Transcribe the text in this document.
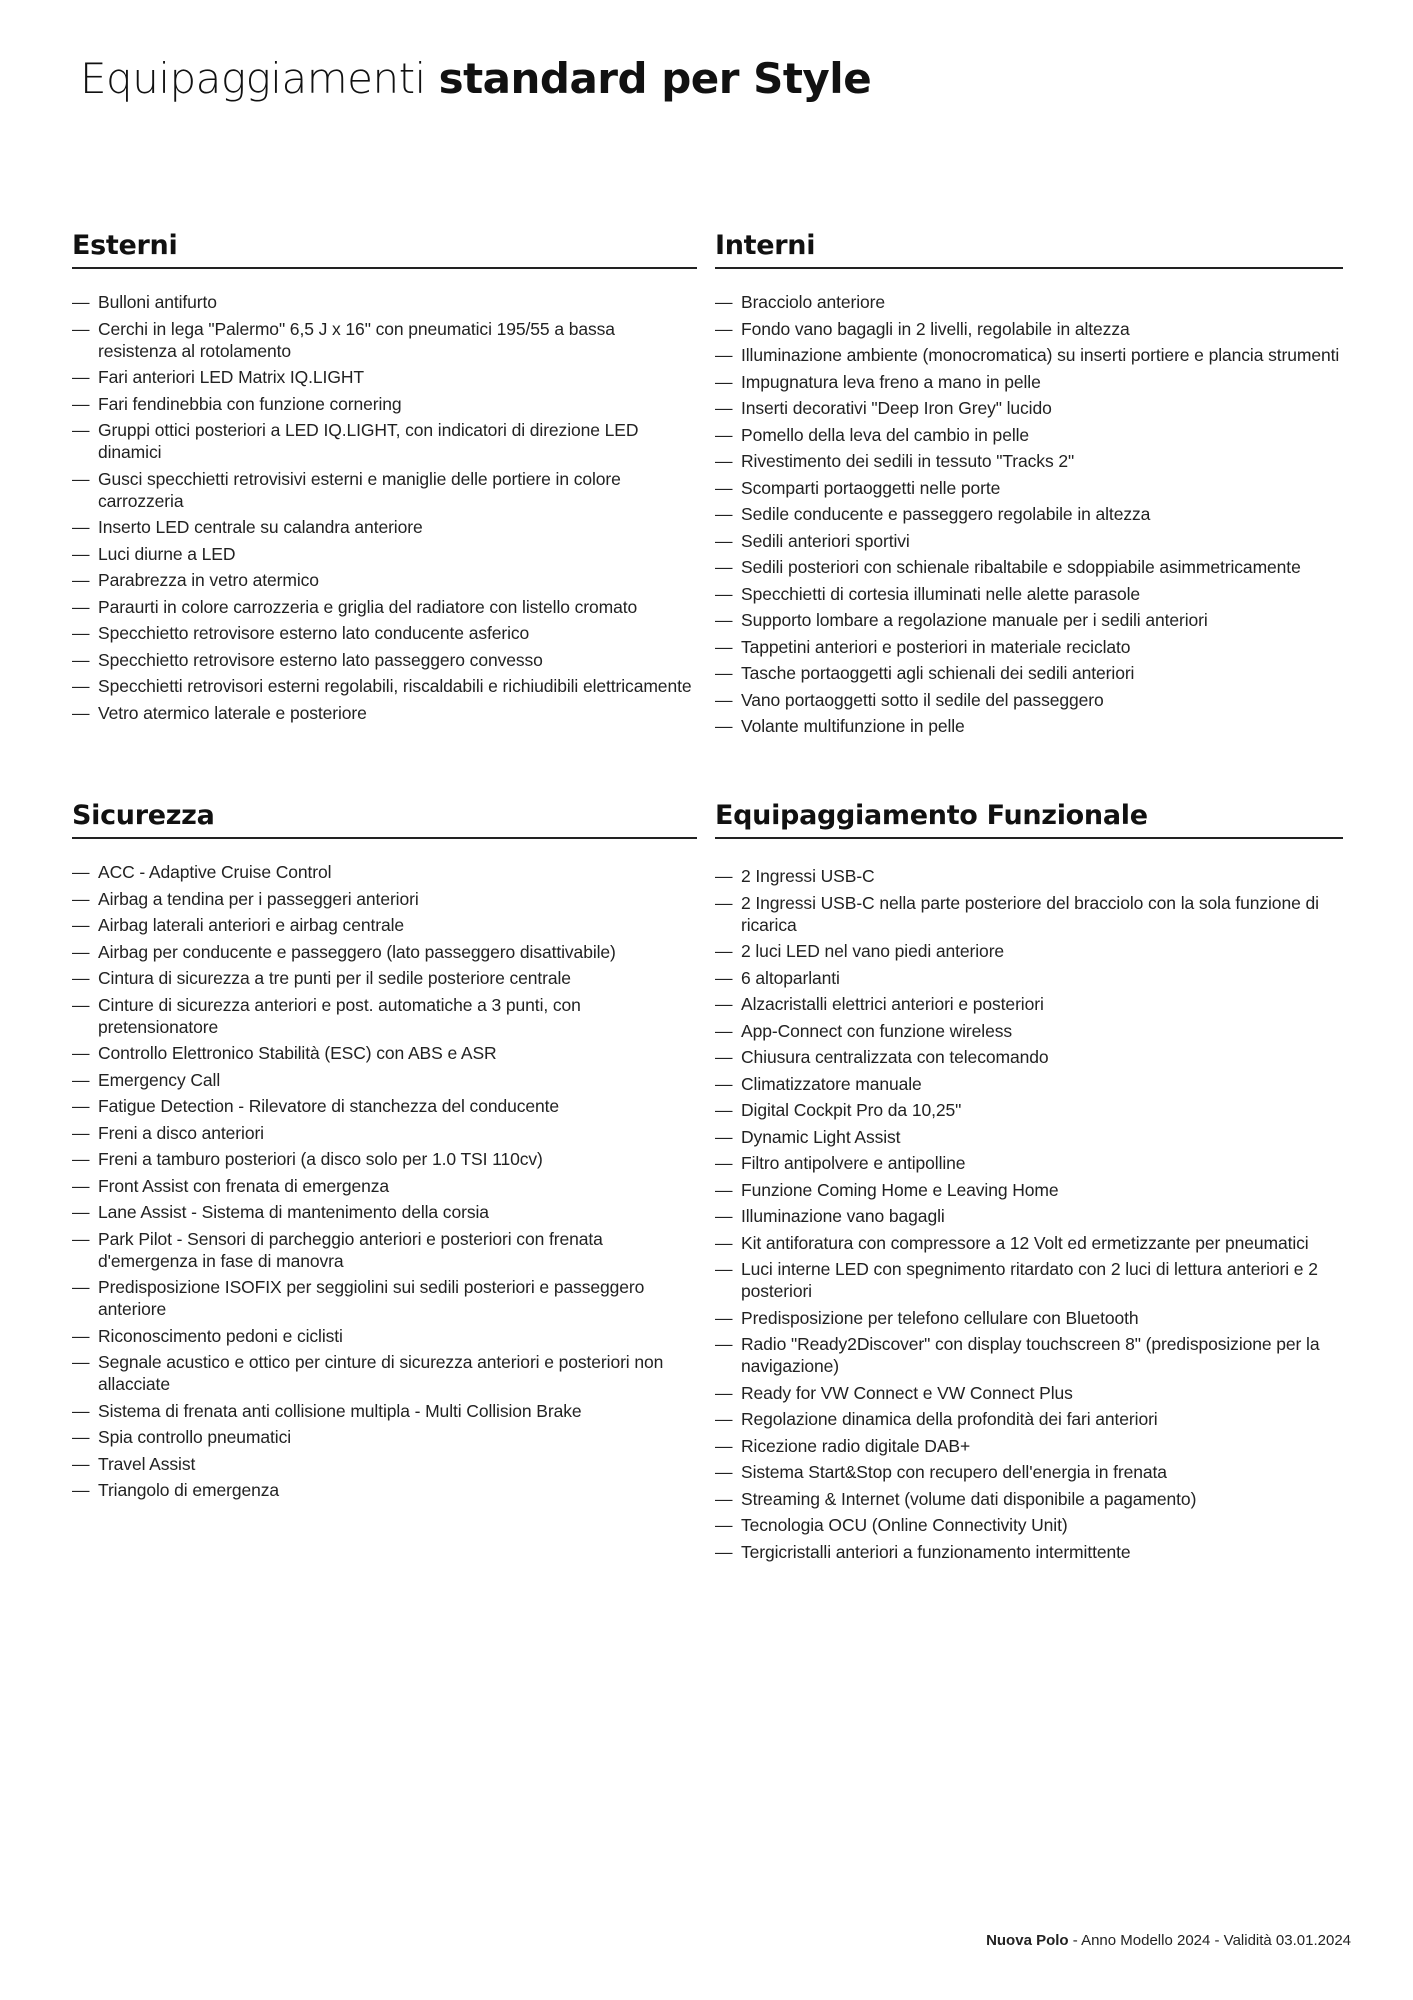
Equipaggiamenti standard per Style
Esterni
— Bulloni antifurto
— Cerchi in lega "Palermo" 6,5 J x 16" con pneumatici 195/55 a bassa resistenza al rotolamento
— Fari anteriori LED Matrix IQ.LIGHT
— Fari fendinebbia con funzione cornering
— Gruppi ottici posteriori a LED IQ.LIGHT, con indicatori di direzione LED dinamici
— Gusci specchietti retrovisivi esterni e maniglie delle portiere in colore carrozzeria
— Inserto LED centrale su calandra anteriore
— Luci diurne a LED
— Parabrezza in vetro atermico
— Paraurti in colore carrozzeria e griglia del radiatore con listello cromato
— Specchietto retrovisore esterno lato conducente asferico
— Specchietto retrovisore esterno lato passeggero convesso
— Specchietti retrovisori esterni regolabili, riscaldabili e richiudibili elettricamente
— Vetro atermico laterale e posteriore
Interni
— Bracciolo anteriore
— Fondo vano bagagli in 2 livelli, regolabile in altezza
— Illuminazione ambiente (monocromatica) su inserti portiere e plancia strumenti
— Impugnatura leva freno a mano in pelle
— Inserti decorativi "Deep Iron Grey" lucido
— Pomello della leva del cambio in pelle
— Rivestimento dei sedili in tessuto "Tracks 2"
— Scomparti portaoggetti nelle porte
— Sedile conducente e passeggero regolabile in altezza
— Sedili anteriori sportivi
— Sedili posteriori con schienale ribaltabile e sdoppiabile asimmetricamente
— Specchietti di cortesia illuminati nelle alette parasole
— Supporto lombare a regolazione manuale per i sedili anteriori
— Tappetini anteriori e posteriori in materiale reciclato
— Tasche portaoggetti agli schienali dei sedili anteriori
— Vano portaoggetti sotto il sedile del passeggero
— Volante multifunzione in pelle
Sicurezza
— ACC - Adaptive Cruise Control
— Airbag a tendina per i passeggeri anteriori
— Airbag laterali anteriori e airbag centrale
— Airbag per conducente e passeggero (lato passeggero disattivabile)
— Cintura di sicurezza a tre punti per il sedile posteriore centrale
— Cinture di sicurezza anteriori e post. automatiche a 3 punti, con pretensionatore
— Controllo Elettronico Stabilità (ESC) con ABS e ASR
— Emergency Call
— Fatigue Detection - Rilevatore di stanchezza del conducente
— Freni a disco anteriori
— Freni a tamburo posteriori (a disco solo per 1.0 TSI 110cv)
— Front Assist con frenata di emergenza
— Lane Assist - Sistema di mantenimento della corsia
— Park Pilot - Sensori di parcheggio anteriori e posteriori con frenata d'emergenza in fase di manovra
— Predisposizione ISOFIX per seggiolini sui sedili posteriori e passeggero anteriore
— Riconoscimento pedoni e ciclisti
— Segnale acustico e ottico per cinture di sicurezza anteriori e posteriori non allacciate
— Sistema di frenata anti collisione multipla - Multi Collision Brake
— Spia controllo pneumatici
— Travel Assist
— Triangolo di emergenza
Equipaggiamento Funzionale
— 2 Ingressi USB-C
— 2 Ingressi USB-C nella parte posteriore del bracciolo con la sola funzione di ricarica
— 2 luci LED nel vano piedi anteriore
— 6 altoparlanti
— Alzacristalli elettrici anteriori e posteriori
— App-Connect con funzione wireless
— Chiusura centralizzata con telecomando
— Climatizzatore manuale
— Digital Cockpit Pro da 10,25"
— Dynamic Light Assist
— Filtro antipolvere e antipolline
— Funzione Coming Home e Leaving Home
— Illuminazione vano bagagli
— Kit antiforatura con compressore a 12 Volt ed ermetizzante per pneumatici
— Luci interne LED con spegnimento ritardato con 2 luci di lettura anteriori e 2 posteriori
— Predisposizione per telefono cellulare con Bluetooth
— Radio "Ready2Discover" con display touchscreen 8" (predisposizione per la navigazione)
— Ready for VW Connect e VW Connect Plus
— Regolazione dinamica della profondità dei fari anteriori
— Ricezione radio digitale DAB+
— Sistema Start&Stop con recupero dell'energia in frenata
— Streaming & Internet (volume dati disponibile a pagamento)
— Tecnologia OCU (Online Connectivity Unit)
— Tergicristalli anteriori a funzionamento intermittente
Nuova Polo - Anno Modello 2024 - Validità 03.01.2024
